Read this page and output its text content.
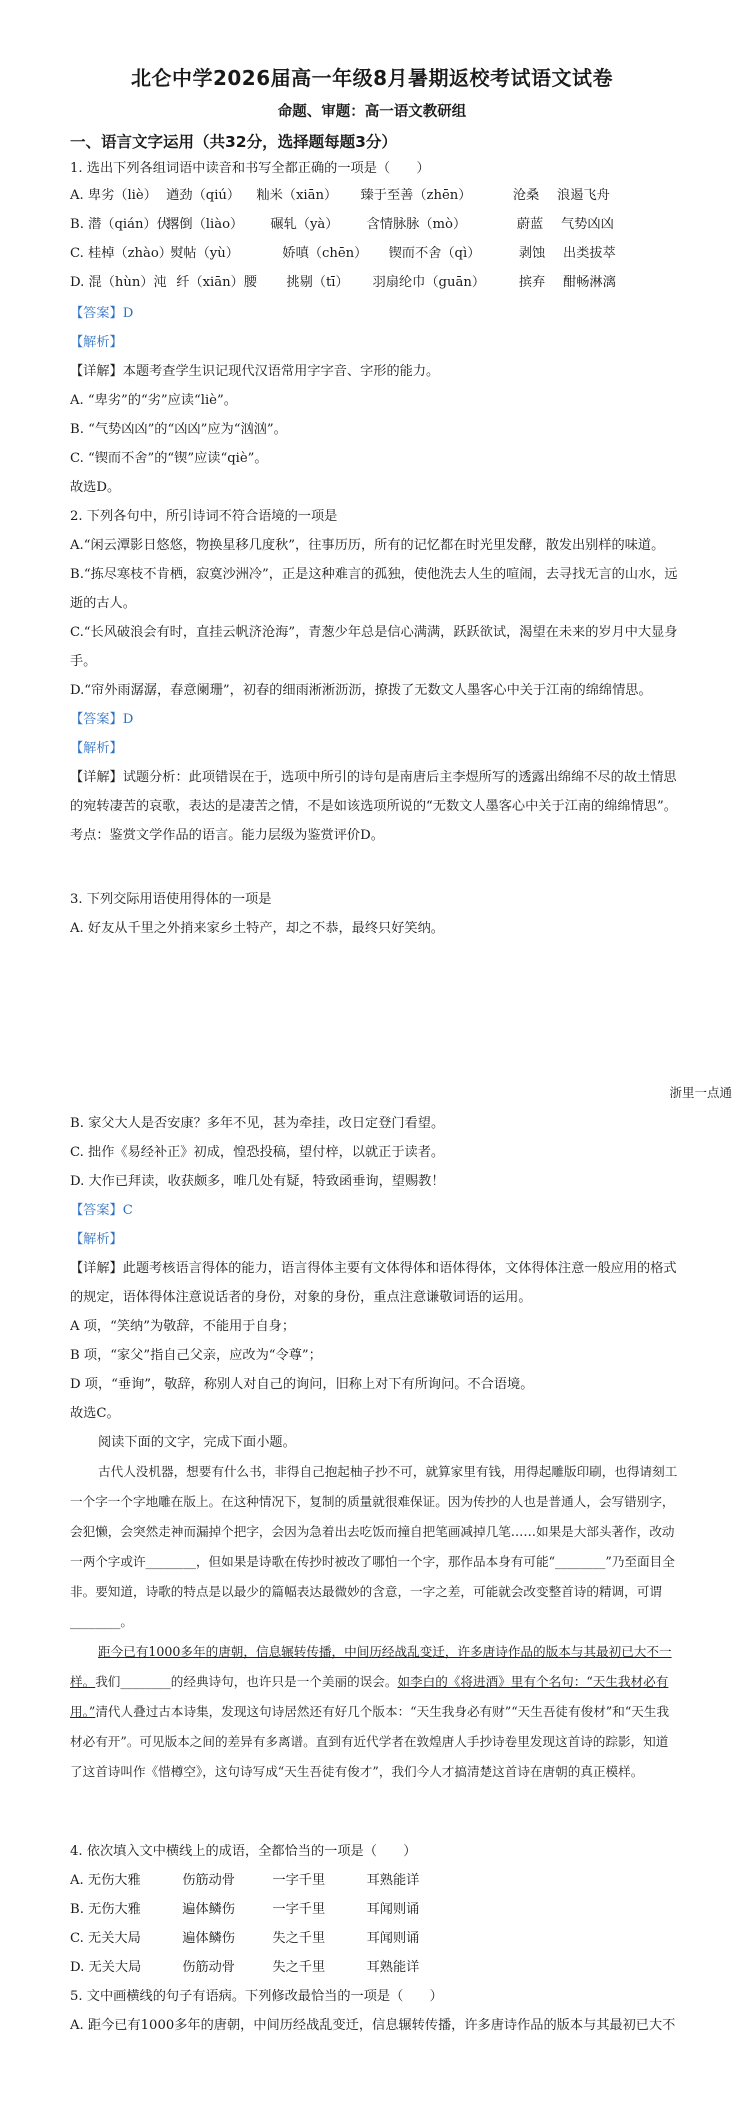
北仑中学2026届高一年级8月暑期返校考试语文试卷
命题、审题：高一语文教研组
一、语言文字运用（共32分，选择题每题3分）
1. 选出下列各组词语中读音和书写全都正确的一项是（　　）
A. 卑劣（liè） 遒劲（qiú） 籼米（xiān） 臻于至善（zhēn）	沧桑 浪遏飞舟
B. 潜（qián）伏 撂倒（liào） 碾轧（yà） 含情脉脉（mò）	蔚蓝 气势凶凶
C. 桂棹（zhào） 熨帖（yù）	娇嗔（chēn） 锲而不舍（qì）	剥蚀 出类拔萃
D. 混（hùn）沌 纤（xiān）腰 挑剔（tī） 羽扇纶巾（guān）	摈弃 酣畅淋漓
【答案】D
【解析】
【详解】本题考查学生识记现代汉语常用字字音、字形的能力。
A. “卑劣”的“劣”应读“liè”。
B. “气势凶凶”的“凶凶”应为“汹汹”。
C. “锲而不舍”的“锲”应读“qiè”。
故选D。
2. 下列各句中，所引诗词不符合语境的一项是
A.“闲云潭影日悠悠，物换星移几度秋”，往事历历，所有的记忆都在时光里发酵，散发出别样的味道。
B.“拣尽寒枝不肯栖，寂寞沙洲冷”，正是这种难言的孤独，使他洗去人生的喧闹，去寻找无言的山水，远
逝的古人。
C.“长风破浪会有时，直挂云帆济沧海”，青葱少年总是信心满满，跃跃欲试，渴望在未来的岁月中大显身
手。
D.“帘外雨潺潺，春意阑珊”，初春的细雨淅淅沥沥，撩拨了无数文人墨客心中关于江南的绵绵情思。
【答案】D
【解析】
【详解】试题分析：此项错误在于，选项中所引的诗句是南唐后主李煜所写的透露出绵绵不尽的故土情思
的宛转凄苦的哀歌，表达的是凄苦之情，不是如该选项所说的“无数文人墨客心中关于江南的绵绵情思”。
考点：鉴赏文学作品的语言。能力层级为鉴赏评价D。
3. 下列交际用语使用得体的一项是
A. 好友从千里之外捎来家乡土特产，却之不恭，最终只好笑纳。
浙里一点通
B. 家父大人是否安康？多年不见，甚为牵挂，改日定登门看望。
C. 拙作《易经补正》初成，惶恐投稿，望付梓，以就正于读者。
D. 大作已拜读，收获颇多，唯几处有疑，特致函垂询，望赐教！
【答案】C
【解析】
【详解】此题考核语言得体的能力，语言得体主要有文体得体和语体得体，文体得体注意一般应用的格式
的规定，语体得体注意说话者的身份，对象的身份，重点注意谦敬词语的运用。
A 项，“笑纳”为敬辞，不能用于自身；
B 项，“家父”指自己父亲，应改为“令尊”；
D 项，“垂询”，敬辞，称别人对自己的询问，旧称上对下有所询问。不合语境。
故选C。
阅读下面的文字，完成下面小题。
古代人没机器，想要有什么书，非得自己抱起柚子抄不可，就算家里有钱，用得起雕版印刷，也得请刻工一个字一个字地雕在版上。在这种情况下，复制的质量就很难保证。因为传抄的人也是普通人，会写错别字，会犯懒，会突然走神而漏掉个把字，会因为急着出去吃饭而撞自把笔画减掉几笔……如果是大部头著作，改动一两个字或许________，但如果是诗歌在传抄时被改了哪怕一个字，那作品本身有可能“________”乃至面目全非。要知道，诗歌的特点是以最少的篇幅表达最微妙的含意，一字之差，可能就会改变整首诗的精调，可谓________。
距今已有1000多年的唐朝，信息辗转传播，中间历经战乱变迁，许多唐诗作品的版本与其最初已大不一样。我们________的经典诗句，也许只是一个美丽的误会。如李白的《将进酒》里有个名句：“天生我材必有用。”清代人叠过古本诗集，发现这句诗居然还有好几个版本：“天生我身必有财”“天生吾徒有俊材”和“天生我材必有开”。可见版本之间的差异有多离谱。直到有近代学者在敦煌唐人手抄诗卷里发现这首诗的踪影，知道了这首诗叫作《惜樽空》，这句诗写成“天生吾徒有俊才”，我们今人才搞清楚这首诗在唐朝的真正模样。
4. 依次填入文中横线上的成语，全都恰当的一项是（　　）
A. 无伤大雅	伤筋动骨	一字千里	耳熟能详
B. 无伤大雅	遍体鳞伤	一字千里	耳闻则诵
C. 无关大局	遍体鳞伤	失之千里	耳闻则诵
D. 无关大局	伤筋动骨	失之千里	耳熟能详
5. 文中画横线的句子有语病。下列修改最恰当的一项是（　　）
A. 距今已有1000多年的唐朝，中间历经战乱变迁，信息辗转传播，许多唐诗作品的版本与其最初已大不
